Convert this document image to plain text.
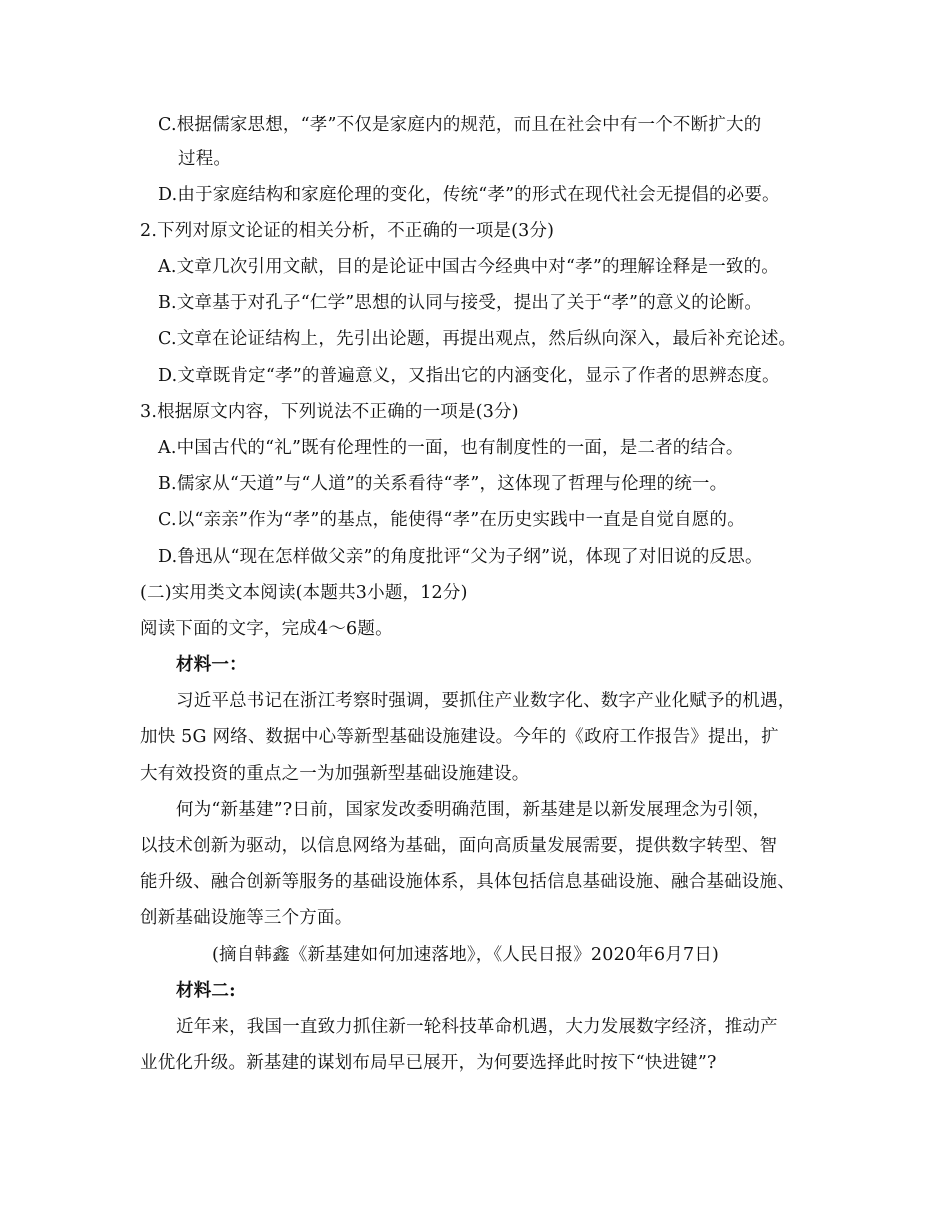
C.根据儒家思想，“孝”不仅是家庭内的规范，而且在社会中有一个不断扩大的
过程。
D.由于家庭结构和家庭伦理的变化，传统“孝”的形式在现代社会无提倡的必要。
2.下列对原文论证的相关分析，不正确的一项是(3分)
A.文章几次引用文献，目的是论证中国古今经典中对“孝”的理解诠释是一致的。
B.文章基于对孔子“仁学”思想的认同与接受，提出了关于“孝”的意义的论断。
C.文章在论证结构上，先引出论题，再提出观点，然后纵向深入，最后补充论述。
D.文章既肯定“孝”的普遍意义，又指出它的内涵变化，显示了作者的思辨态度。
3.根据原文内容，下列说法不正确的一项是(3分)
A.中国古代的“礼”既有伦理性的一面，也有制度性的一面，是二者的结合。
B.儒家从“天道”与“人道”的关系看待“孝”，这体现了哲理与伦理的统一。
C.以“亲亲”作为“孝”的基点，能使得“孝”在历史实践中一直是自觉自愿的。
D.鲁迅从“现在怎样做父亲”的角度批评“父为子纲”说，体现了对旧说的反思。
(二)实用类文本阅读(本题共3小题，12分)
阅读下面的文字，完成4～6题。
材料一：
习近平总书记在浙江考察时强调，要抓住产业数字化、数字产业化赋予的机遇，
加快 5G 网络、数据中心等新型基础设施建设。今年的《政府工作报告》提出，扩
大有效投资的重点之一为加强新型基础设施建设。
何为“新基建”?日前，国家发改委明确范围，新基建是以新发展理念为引领，
以技术创新为驱动，以信息网络为基础，面向高质量发展需要，提供数字转型、智
能升级、融合创新等服务的基础设施体系，具体包括信息基础设施、融合基础设施、
创新基础设施等三个方面。
(摘自韩鑫《新基建如何加速落地》，《人民日报》2020年6月7日)
材料二:
近年来，我国一直致力抓住新一轮科技革命机遇，大力发展数字经济，推动产
业优化升级。新基建的谋划布局早已展开，为何要选择此时按下“快进键”?
